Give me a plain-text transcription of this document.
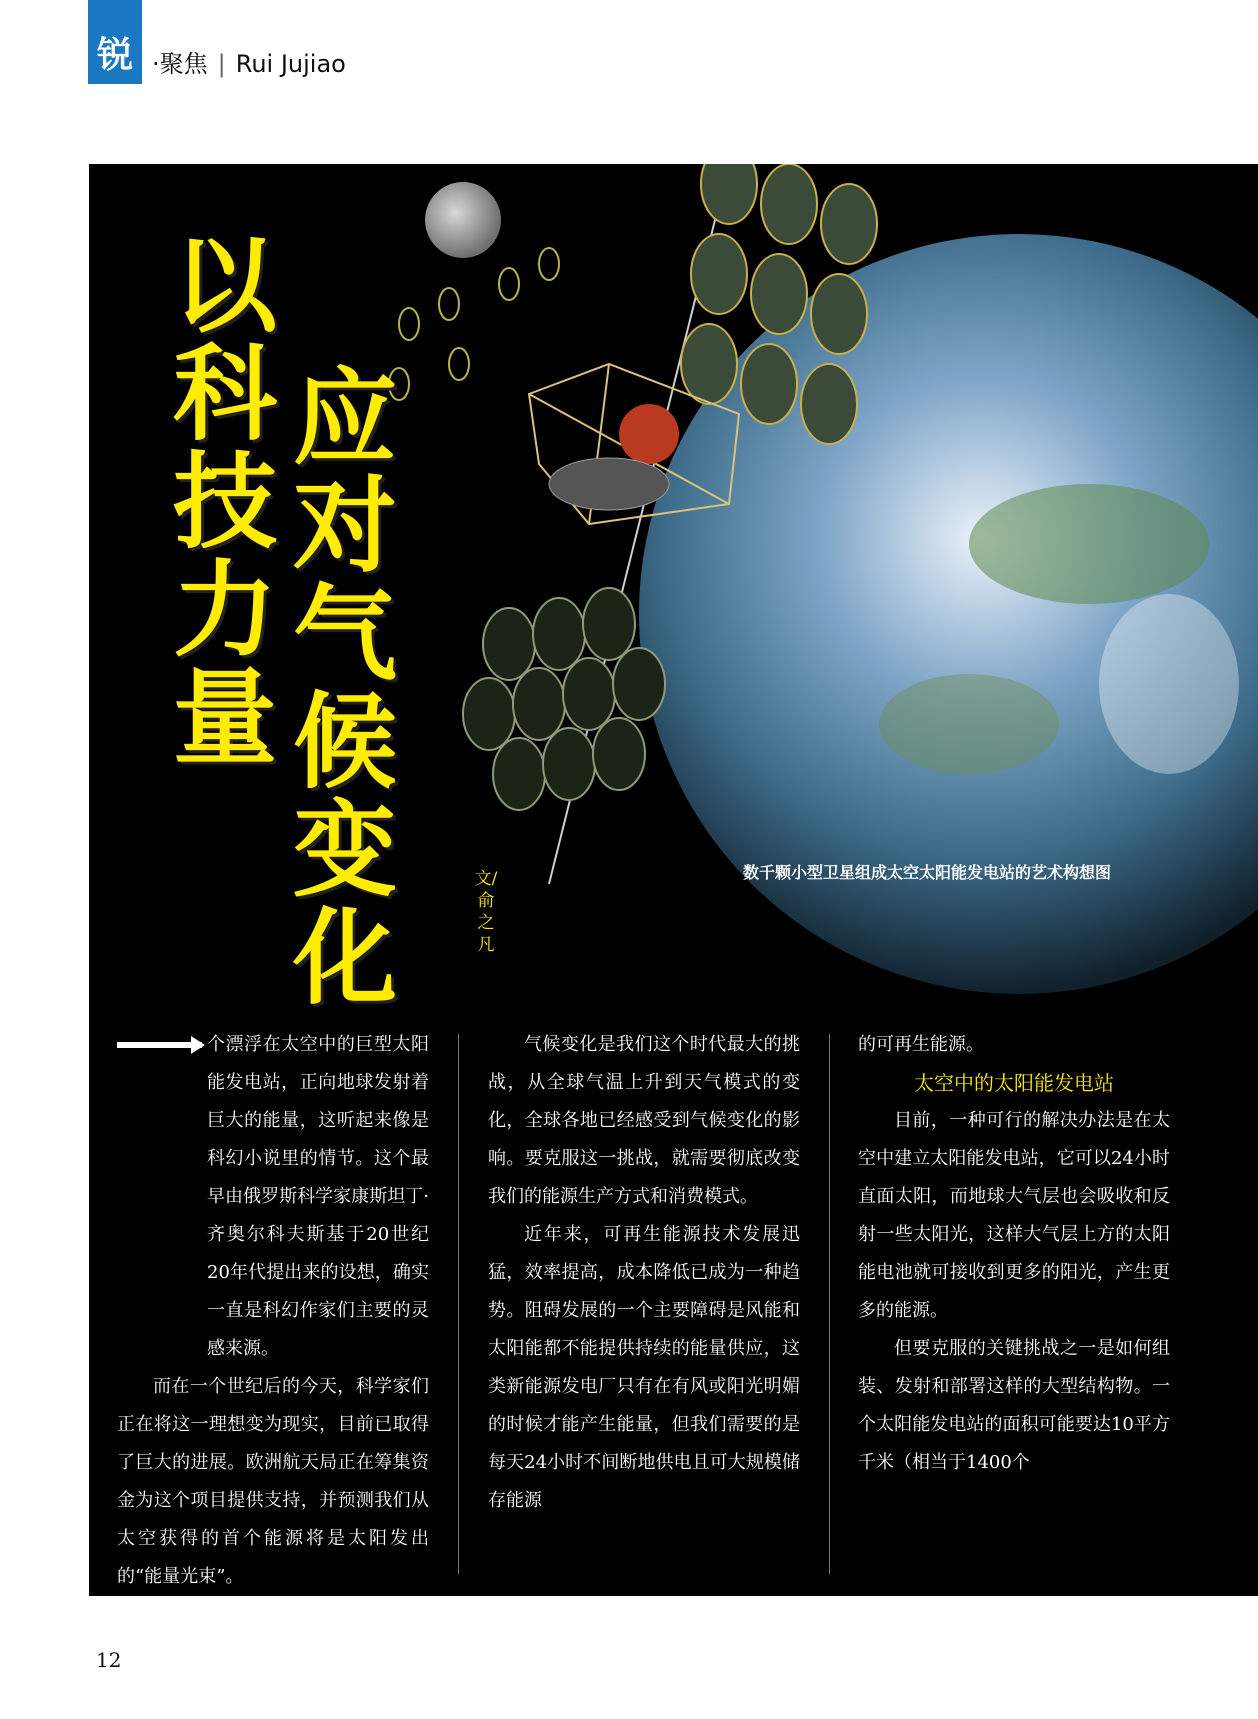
锐 ·聚焦 | Rui Jujiao
以科技力量
应对气候变化
文/俞之凡
数千颗小型卫星组成太空太阳能发电站的艺术构想图

个漂浮在太空中的巨型太阳能发电站，正向地球发射着巨大的能量，这听起来像是科幻小说里的情节。这个最早由俄罗斯科学家康斯坦丁·齐奥尔科夫斯基于20世纪20年代提出来的设想，确实一直是科幻作家们主要的灵感来源。

而在一个世纪后的今天，科学家们正在将这一理想变为现实，目前已取得了巨大的进展。欧洲航天局正在筹集资金为这个项目提供支持，并预测我们从太空获得的首个能源将是太阳发出的“能量光束”。

气候变化是我们这个时代最大的挑战，从全球气温上升到天气模式的变化，全球各地已经感受到气候变化的影响。要克服这一挑战，就需要彻底改变我们的能源生产方式和消费模式。

近年来，可再生能源技术发展迅猛，效率提高，成本降低已成为一种趋势。阻碍发展的一个主要障碍是风能和太阳能都不能提供持续的能量供应，这类新能源发电厂只有在有风或阳光明媚的时候才能产生能量，但我们需要的是每天24小时不间断地供电且可大规模储存能源

的可再生能源。

太空中的太阳能发电站

目前，一种可行的解决办法是在太空中建立太阳能发电站，它可以24小时直面太阳，而地球大气层也会吸收和反射一些太阳光，这样大气层上方的太阳能电池就可接收到更多的阳光，产生更多的能源。

但要克服的关键挑战之一是如何组装、发射和部署这样的大型结构物。一个太阳能发电站的面积可能要达10平方千米（相当于1400个

12
